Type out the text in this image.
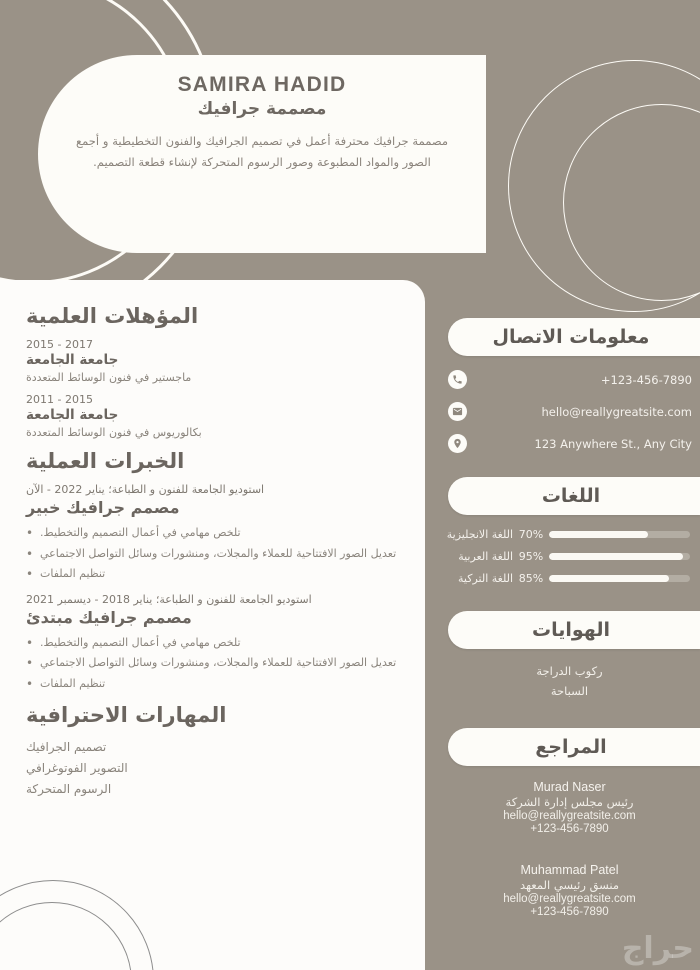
SAMIRA HADID
مصممة جرافيك
مصممة جرافيك محترفة أعمل في تصميم الجرافيك والفنون التخطيطية و أجمع الصور والمواد المطبوعة وصور الرسوم المتحركة لإنشاء قطعة التصميم.
المؤهلات العلمية
2015 - 2017
جامعة الجامعة
ماجستير في فنون الوسائط المتعددة
2011 - 2015
جامعة الجامعة
بكالوريوس في فنون الوسائط المتعددة
الخبرات العملية
استوديو الجامعة للفنون و الطباعة؛ يناير 2022 - الآن
مصمم جرافيك خبير
• تلخص مهامي في أعمال التصميم والتخطيط.
• تعديل الصور الافتتاحية للعملاء والمجلات، ومنشورات وسائل التواصل الاجتماعي
• تنظيم الملفات
استوديو الجامعة للفنون و الطباعة؛ يناير 2018 - ديسمبر 2021
مصمم جرافيك مبتدئ
• تلخص مهامي في أعمال التصميم والتخطيط.
• تعديل الصور الافتتاحية للعملاء والمجلات، ومنشورات وسائل التواصل الاجتماعي
• تنظيم الملفات
المهارات الاحترافية
تصميم الجرافيك
التصوير الفوتوغرافي
الرسوم المتحركة
معلومات الاتصال
+123-456-7890
hello@reallygreatsite.com
123 Anywhere St., Any City
اللغات
اللغة الانجليزية 70%
اللغة العربية 95%
اللغة التركية 85%
الهوايات
ركوب الدراجة
السباحة
المراجع
Murad Naser
رئيس مجلس إدارة الشركة
hello@reallygreatsite.com
+123-456-7890
Muhammad Patel
منسق رئيسي المعهد
hello@reallygreatsite.com
+123-456-7890
حراج
